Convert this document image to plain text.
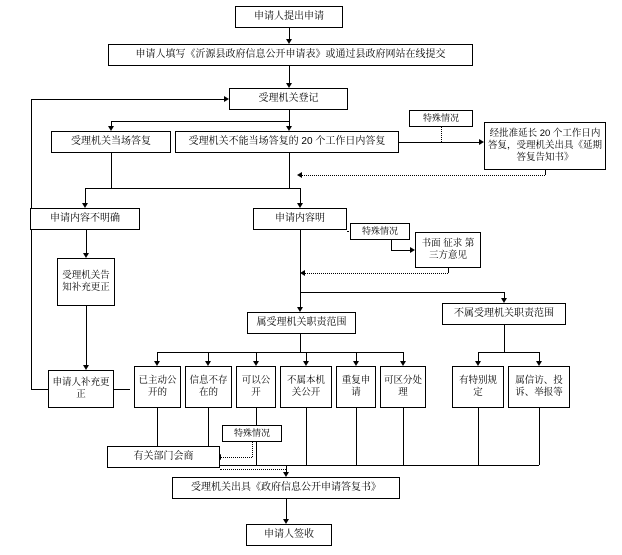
申请人提出申请
申请人填写《沂源县政府信息公开申请表》或通过县政府网站在线提交
受理机关登记
受理机关当场答复	受理机关不能当场答复的 20 个工作日内答复
经批准延长 20 个工作日内答复，受理机关出具《延期答复告知书》
申请内容不明确	申请内容明
书面 征求 第三方意见
受理机关告知补充更正
申请人补充更正
属受理机关职责范围
不属受理机关职责范围
已主动公开的
信息不存在的
可以公开
不属本机关公开
重复申请
可区分处理
有特别规定
属信访、投诉、举报等
有关部门会商
受理机关出具《政府信息公开申请答复书》
申请人签收
特殊情况
特殊情况
特殊情况
